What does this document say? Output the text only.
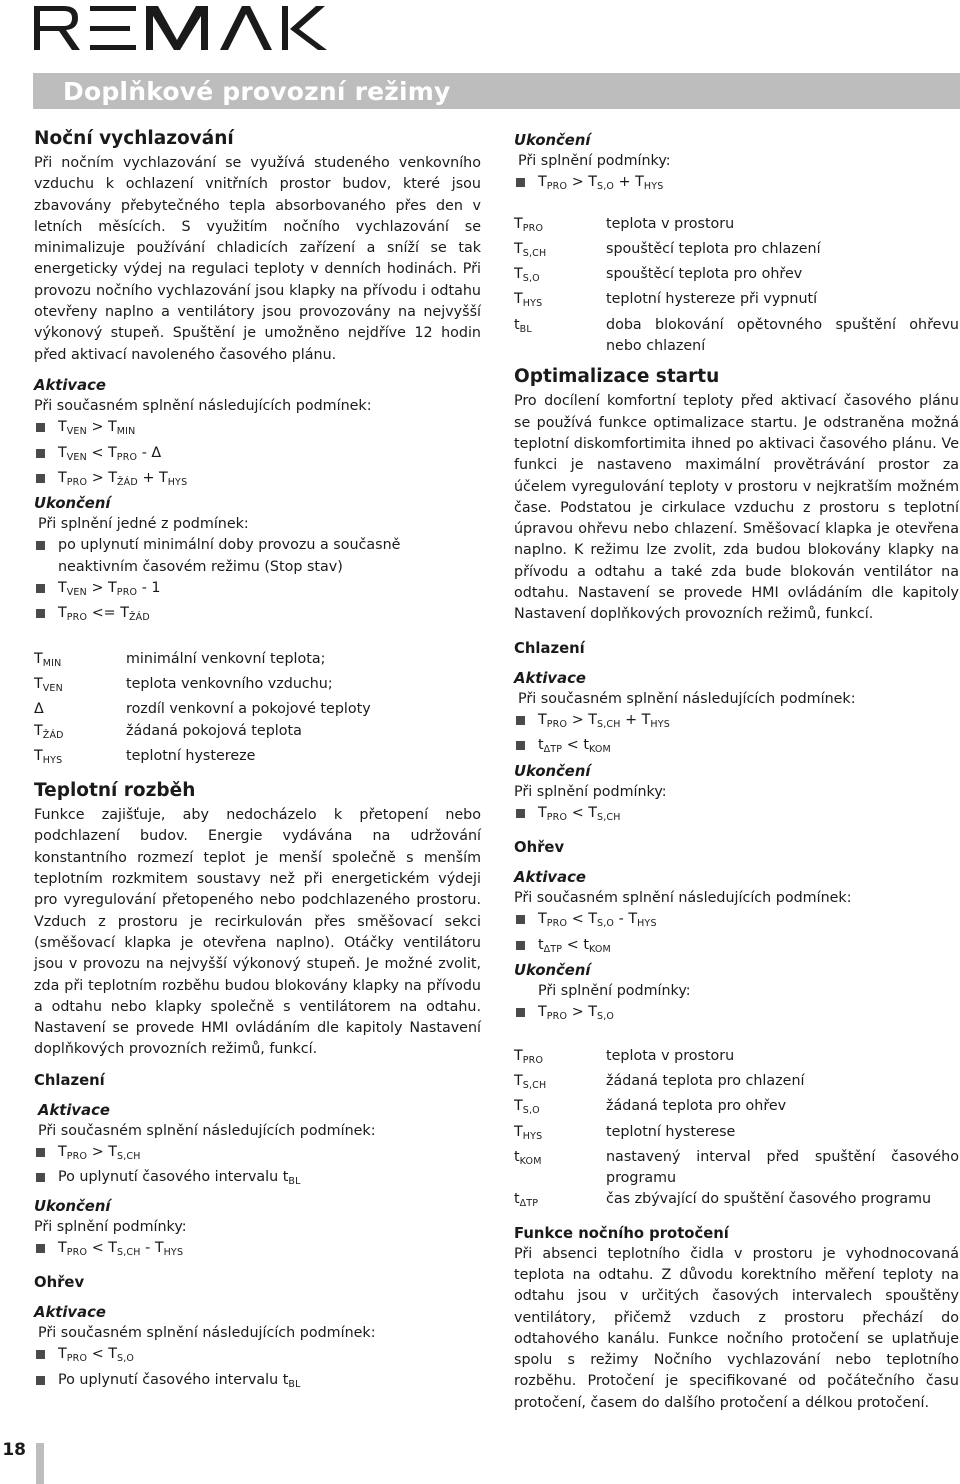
REMAK
Doplňkové provozní režimy
Noční vychlazování

Při nočním vychlazování se využívá studeného venkovního vzduchu k ochlazení vnitřních prostor budov, které jsou zbavovány přebytečného tepla absorbovaného přes den v letních měsících. S využitím nočního vychlazování se minimalizuje používání chladicích zařízení a sníží se tak energeticky výdej na regulaci teploty v denních hodinách. Při provozu nočního vychlazování jsou klapky na přívodu i odtahu otevřeny naplno a ventilátory jsou provozovány na nejvyšší výkonový stupeň. Spuštění je umožněno nejdříve 12 hodin před aktivací navoleného časového plánu.

Aktivace
Při současném splnění následujících podmínek:
$T_{VEN} > T_{MIN}$
$T_{VEN} < T_{PRO} - \Delta$
$T_{PRO} > T_{ŽÁD} + T_{HYS}$
Ukončení
Při splnění jedné z podmínek:
po uplynutí minimální doby provozu a současně neaktivním časovém režimu (Stop stav)
$T_{VEN} > T_{PRO} - 1$
$T_{PRO} <= T_{ŽÁD}$
$T_{MIN}$	minimální venkovní teplota;
$T_{VEN}$	teplota venkovního vzduchu;
Δ	rozdíl venkovní a pokojové teploty
$T_{ŽÁD}$	žádaná pokojová teplota
$T_{HYS}$	teplotní hystereze
Teplotní rozběh

Funkce zajišťuje, aby nedocházelo k přetopení nebo podchlazení budov. Energie vydávána na udržování konstantního rozmezí teplot je menší společně s menším teplotním rozkmitem soustavy než při energetickém výdeji pro vyregulování přetopeného nebo podchlazeného prostoru. Vzduch z prostoru je recirkulován přes směšovací sekci (směšovací klapka je otevřena naplno). Otáčky ventilátoru jsou v provozu na nejvyšší výkonový stupeň. Je možné zvolit, zda při teplotním rozběhu budou blokovány klapky na přívodu a odtahu nebo klapky společně s ventilátorem na odtahu. Nastavení se provede HMI ovládáním dle kapitoly Nastavení doplňkových provozních režimů, funkcí.

Chlazení
Aktivace
Při současném splnění následujících podmínek:
$T_{PRO} > T_{S,CH}$
Po uplynutí časového intervalu $t_{BL}$
Ukončení
Při splnění podmínky:
$T_{PRO} < T_{S,CH} - T_{HYS}$
Ohřev
Aktivace
Při současném splnění následujících podmínek:
$T_{PRO} < T_{S,O}$
Po uplynutí časového intervalu $t_{BL}$
Ukončení
Při splnění podmínky:
$T_{PRO} > T_{S,O} + T_{HYS}$
$T_{PRO}$	teplota v prostoru
$T_{S,CH}$	spouštěcí teplota pro chlazení
$T_{S,O}$	spouštěcí teplota pro ohřev
$T_{HYS}$	teplotní hystereze při vypnutí
$t_{BL}$	doba blokování opětovného spuštění ohřevu nebo chlazení
Optimalizace startu

Pro docílení komfortní teploty před aktivací časového plánu se používá funkce optimalizace startu. Je odstraněna možná teplotní diskomfortimita ihned po aktivaci časového plánu. Ve funkci je nastaveno maximální provětrávání prostor za účelem vyregulování teploty v prostoru v nejkratším možném čase. Podstatou je cirkulace vzduchu z prostoru s teplotní úpravou ohřevu nebo chlazení. Směšovací klapka je otevřena naplno. K režimu lze zvolit, zda budou blokovány klapky na přívodu a odtahu a také zda bude blokován ventilátor na odtahu. Nastavení se provede HMI ovládáním dle kapitoly Nastavení doplňkových provozních režimů, funkcí.

Chlazení
Aktivace
Při současném splnění následujících podmínek:
$T_{PRO} > T_{S,CH} + T_{HYS}$
$t_{\Delta TP} < t_{KOM}$
Ukončení
Při splnění podmínky:
$T_{PRO} < T_{S,CH}$
Ohřev
Aktivace
Při současném splnění následujících podmínek:
$T_{PRO} < T_{S,O} - T_{HYS}$
$t_{\Delta TP} < t_{KOM}$
Ukončení
Při splnění podmínky:
$T_{PRO} > T_{S,O}$
$T_{PRO}$	teplota v prostoru
$T_{S,CH}$	žádaná teplota pro chlazení
$T_{S,O}$	žádaná teplota pro ohřev
$T_{HYS}$	teplotní hysterese
$t_{KOM}$	nastavený interval před spuštění časového programu
$t_{\Delta TP}$	čas zbývající do spuštění časového programu
Funkce nočního protočení

Při absenci teplotního čidla v prostoru je vyhodnocovaná teplota na odtahu. Z důvodu korektního měření teploty na odtahu jsou v určitých časových intervalech spouštěny ventilátory, přičemž vzduch z prostoru přechází do odtahového kanálu. Funkce nočního protočení se uplatňuje spolu s režimy Nočního vychlazování nebo teplotního rozběhu. Protočení je specifikované od počátečního času protočení, časem do dalšího protočení a délkou protočení.

18
